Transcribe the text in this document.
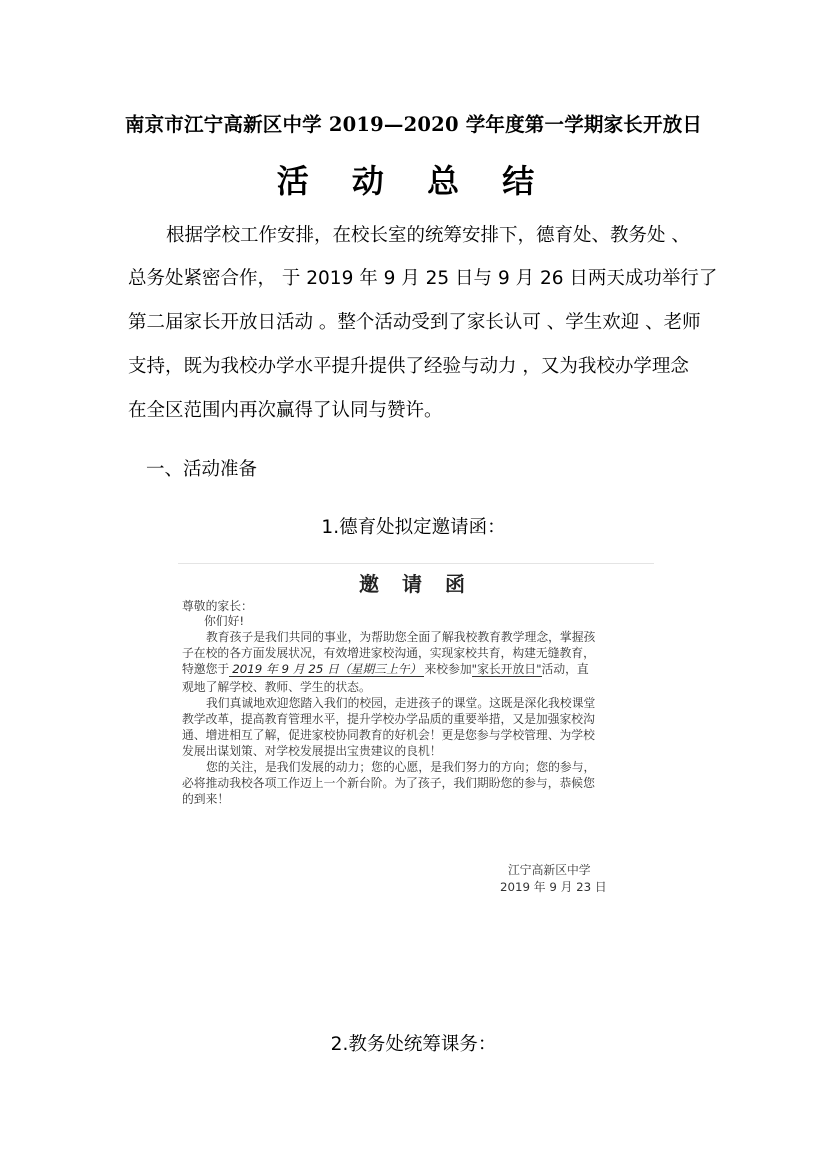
南京市江宁高新区中学 2019—2020 学年度第一学期家长开放日
活 动 总 结
根据学校工作安排，在校长室的统筹安排下，德育处、教务处 、
总务处紧密合作， 于 2019 年 9 月 25 日与 9 月 26 日两天成功举行了
第二届家长开放日活动 。整个活动受到了家长认可 、学生欢迎 、老师
支持，既为我校办学水平提升提供了经验与动力 ，又为我校办学理念
在全区范围内再次赢得了认同与赞许。
一、活动准备
1.德育处拟定邀请函：
邀 请 函
尊敬的家长：
你们好!
教育孩子是我们共同的事业，为帮助您全面了解我校教育教学理念，掌握孩
子在校的各方面发展状况，有效增进家校沟通，实现家校共育，构建无缝教育，
特邀您于 2019 年 9 月 25 日（星期三上午） 来校参加"家长开放日"活动，直
观地了解学校、教师、学生的状态。
我们真诚地欢迎您踏入我们的校园，走进孩子的课堂。这既是深化我校课堂
教学改革，提高教育管理水平，提升学校办学品质的重要举措，又是加强家校沟
通、增进相互了解，促进家校协同教育的好机会！更是您参与学校管理、为学校
发展出谋划策、对学校发展提出宝贵建议的良机！
您的关注，是我们发展的动力；您的心愿，是我们努力的方向；您的参与，
必将推动我校各项工作迈上一个新台阶。为了孩子，我们期盼您的参与，恭候您
的到来！
江宁高新区中学
2019 年 9 月 23 日
2.教务处统筹课务：
